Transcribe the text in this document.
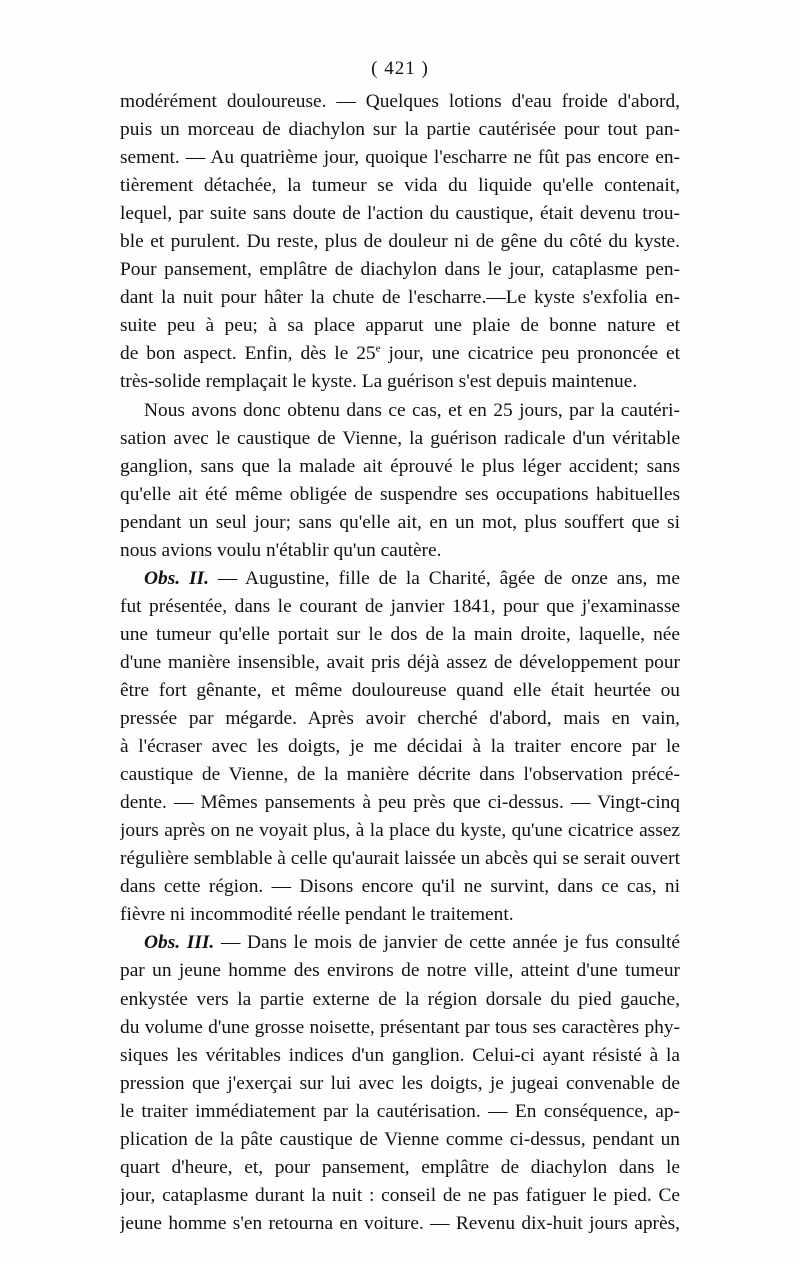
( 421 )
modérément douloureuse. — Quelques lotions d'eau froide d'abord,
puis un morceau de diachylon sur la partie cautérisée pour tout pan-
sement. — Au quatrième jour, quoique l'escharre ne fût pas encore en-
tièrement détachée, la tumeur se vida du liquide qu'elle contenait,
lequel, par suite sans doute de l'action du caustique, était devenu trou-
ble et purulent. Du reste, plus de douleur ni de gêne du côté du kyste.
Pour pansement, emplâtre de diachylon dans le jour, cataplasme pen-
dant la nuit pour hâter la chute de l'escharre.—Le kyste s'exfolia en-
suite peu à peu; à sa place apparut une plaie de bonne nature et
de bon aspect. Enfin, dès le 25e jour, une cicatrice peu prononcée et
très-solide remplaçait le kyste. La guérison s'est depuis maintenue.
Nous avons donc obtenu dans ce cas, et en 25 jours, par la cautéri-
sation avec le caustique de Vienne, la guérison radicale d'un véritable
ganglion, sans que la malade ait éprouvé le plus léger accident; sans
qu'elle ait été même obligée de suspendre ses occupations habituelles
pendant un seul jour; sans qu'elle ait, en un mot, plus souffert que si
nous avions voulu n'établir qu'un cautère.
Obs. II. — Augustine, fille de la Charité, âgée de onze ans, me
fut présentée, dans le courant de janvier 1841, pour que j'examinasse
une tumeur qu'elle portait sur le dos de la main droite, laquelle, née
d'une manière insensible, avait pris déjà assez de développement pour
être fort gênante, et même douloureuse quand elle était heurtée ou
pressée par mégarde. Après avoir cherché d'abord, mais en vain,
à l'écraser avec les doigts, je me décidai à la traiter encore par le
caustique de Vienne, de la manière décrite dans l'observation précé-
dente. — Mêmes pansements à peu près que ci-dessus. — Vingt-cinq
jours après on ne voyait plus, à la place du kyste, qu'une cicatrice assez
régulière semblable à celle qu'aurait laissée un abcès qui se serait ouvert
dans cette région. — Disons encore qu'il ne survint, dans ce cas, ni
fièvre ni incommodité réelle pendant le traitement.
Obs. III. — Dans le mois de janvier de cette année je fus consulté
par un jeune homme des environs de notre ville, atteint d'une tumeur
enkystée vers la partie externe de la région dorsale du pied gauche,
du volume d'une grosse noisette, présentant par tous ses caractères phy-
siques les véritables indices d'un ganglion. Celui-ci ayant résisté à la
pression que j'exerçai sur lui avec les doigts, je jugeai convenable de
le traiter immédiatement par la cautérisation. — En conséquence, ap-
plication de la pâte caustique de Vienne comme ci-dessus, pendant un
quart d'heure, et, pour pansement, emplâtre de diachylon dans le
jour, cataplasme durant la nuit : conseil de ne pas fatiguer le pied. Ce
jeune homme s'en retourna en voiture. — Revenu dix-huit jours après,
